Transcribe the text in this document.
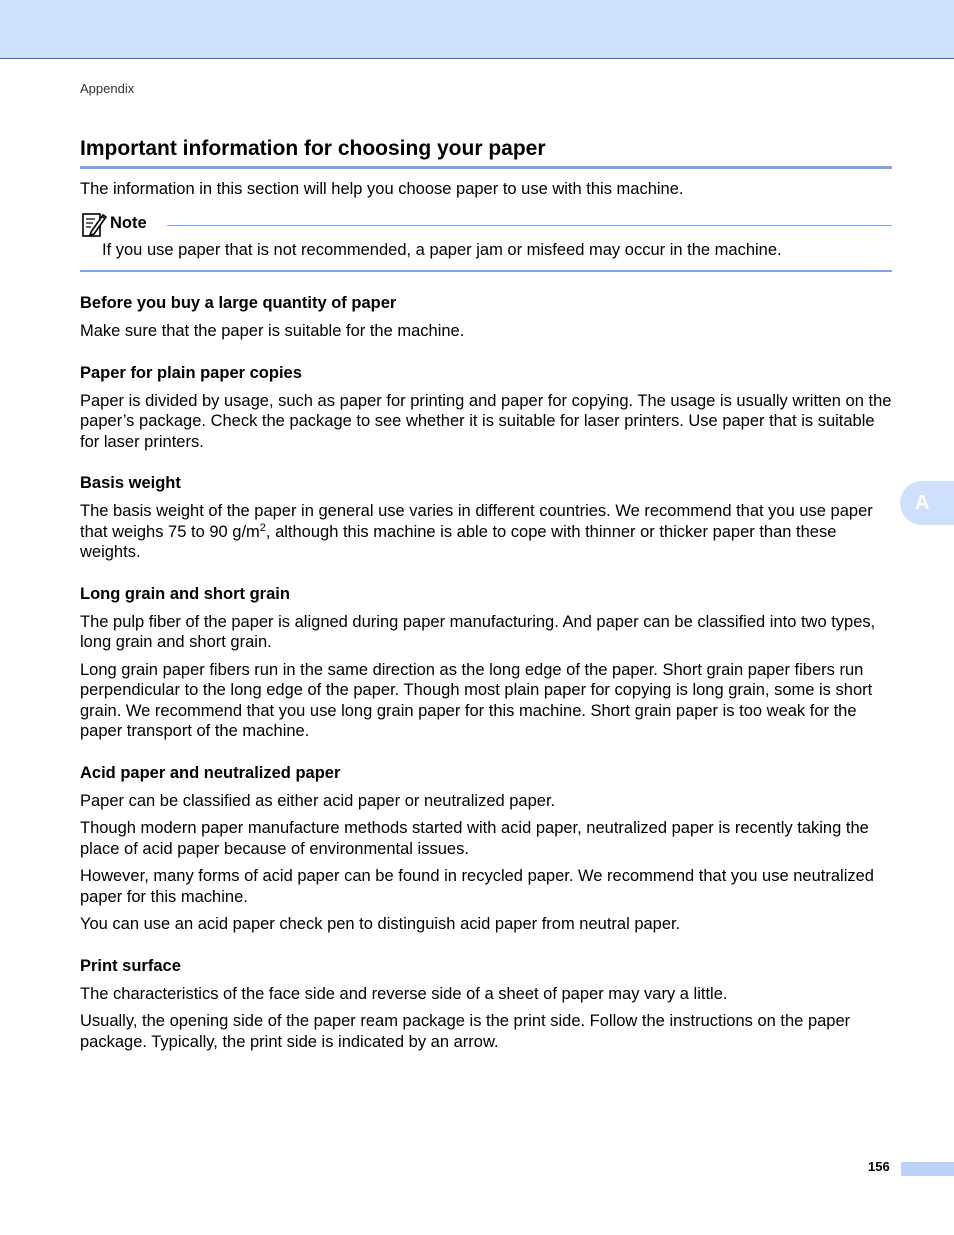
Appendix
Important information for choosing your paper

The information in this section will help you choose paper to use with this machine.

Note

If you use paper that is not recommended, a paper jam or misfeed may occur in the machine.

Before you buy a large quantity of paper

Make sure that the paper is suitable for the machine.

Paper for plain paper copies

Paper is divided by usage, such as paper for printing and paper for copying. The usage is usually written on the paper’s package. Check the package to see whether it is suitable for laser printers. Use paper that is suitable for laser printers.

Basis weight

The basis weight of the paper in general use varies in different countries. We recommend that you use paper that weighs 75 to 90 $g/m^2$, although this machine is able to cope with thinner or thicker paper than these weights.

Long grain and short grain

The pulp fiber of the paper is aligned during paper manufacturing. And paper can be classified into two types, long grain and short grain.

Long grain paper fibers run in the same direction as the long edge of the paper. Short grain paper fibers run perpendicular to the long edge of the paper. Though most plain paper for copying is long grain, some is short grain. We recommend that you use long grain paper for this machine. Short grain paper is too weak for the paper transport of the machine.

Acid paper and neutralized paper

Paper can be classified as either acid paper or neutralized paper.

Though modern paper manufacture methods started with acid paper, neutralized paper is recently taking the place of acid paper because of environmental issues.

However, many forms of acid paper can be found in recycled paper. We recommend that you use neutralized paper for this machine.

You can use an acid paper check pen to distinguish acid paper from neutral paper.

Print surface

The characteristics of the face side and reverse side of a sheet of paper may vary a little.

Usually, the opening side of the paper ream package is the print side. Follow the instructions on the paper package. Typically, the print side is indicated by an arrow.

A
156
